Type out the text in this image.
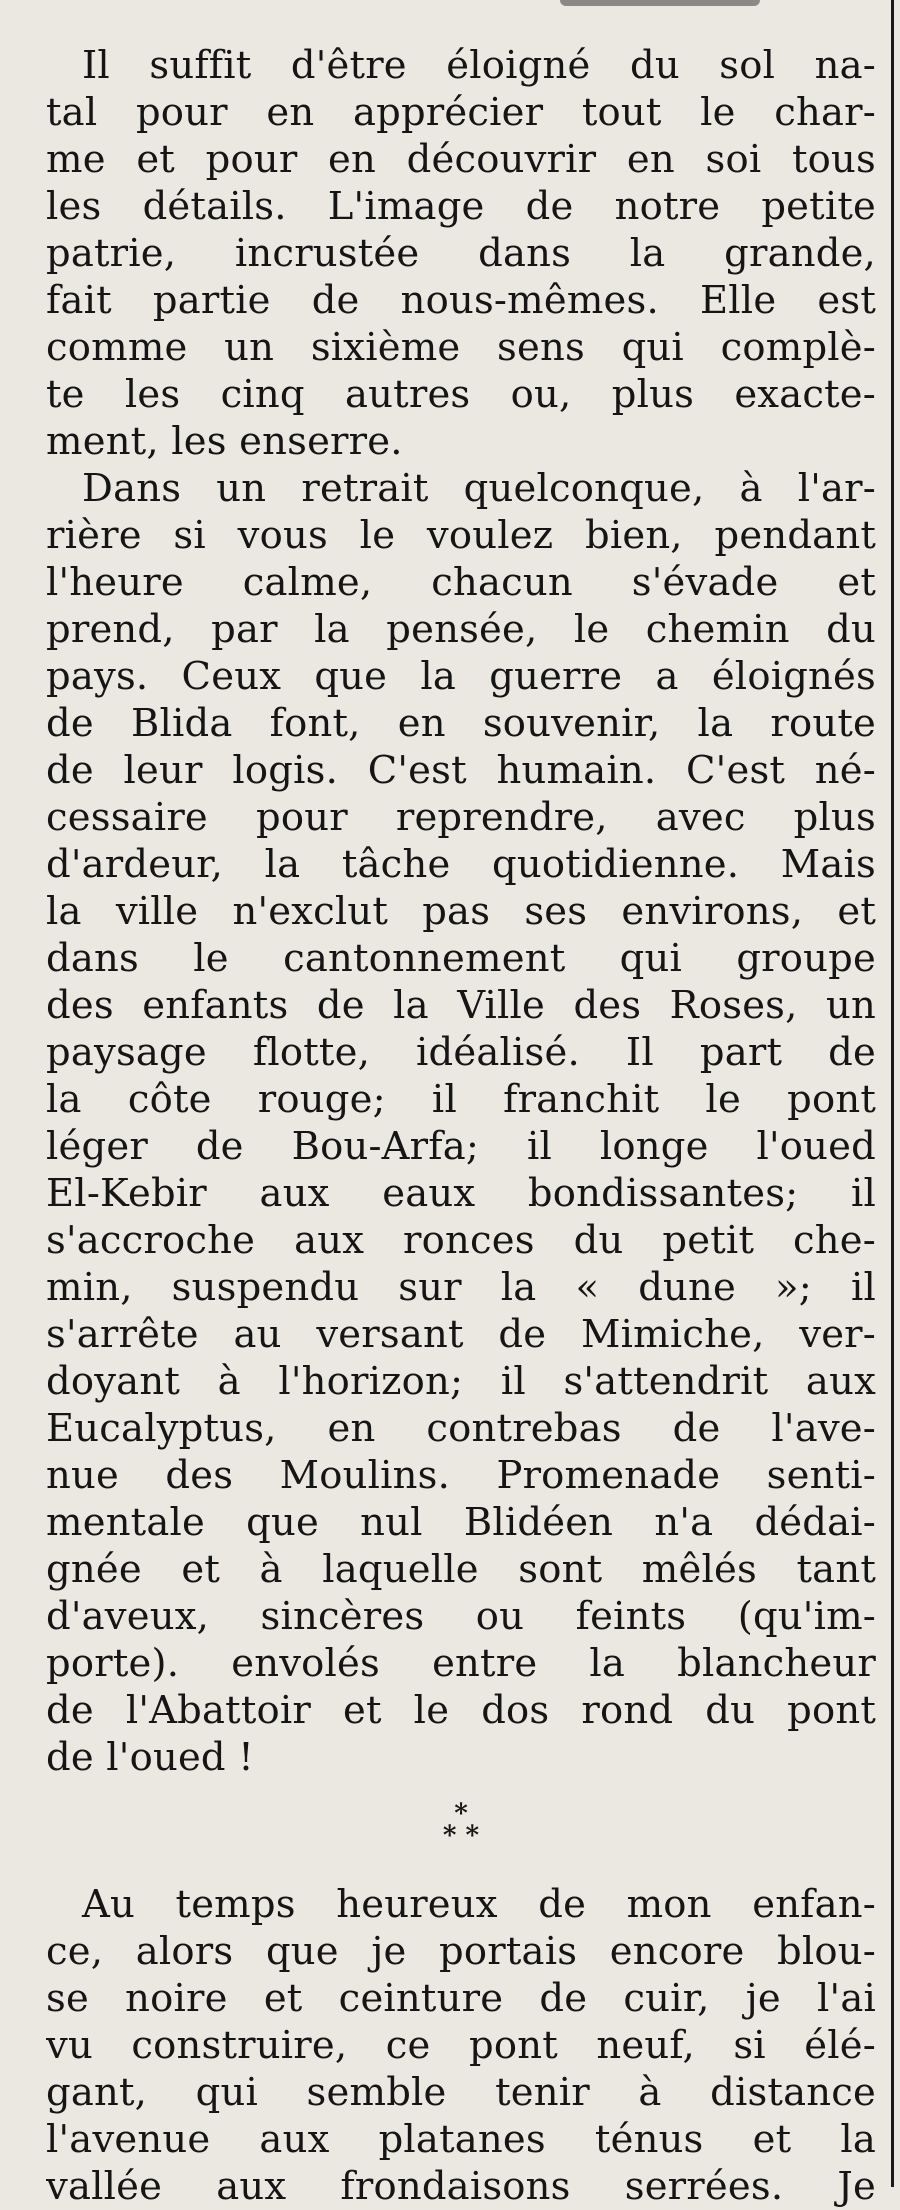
Il suffit d'être éloigné du sol na-
tal pour en apprécier tout le char-
me et pour en découvrir en soi tous
les détails. L'image de notre petite
patrie, incrustée dans la grande,
fait partie de nous-mêmes. Elle est
comme un sixième sens qui complè-
te les cinq autres ou, plus exacte-
ment, les enserre.
Dans un retrait quelconque, à l'ar-
rière si vous le voulez bien, pendant
l'heure calme, chacun s'évade et
prend, par la pensée, le chemin du
pays. Ceux que la guerre a éloignés
de Blida font, en souvenir, la route
de leur logis. C'est humain. C'est né-
cessaire pour reprendre, avec plus
d'ardeur, la tâche quotidienne. Mais
la ville n'exclut pas ses environs, et
dans le cantonnement qui groupe
des enfants de la Ville des Roses, un
paysage flotte, idéalisé. Il part de
la côte rouge; il franchit le pont
léger de Bou-Arfa; il longe l'oued
El-Kebir aux eaux bondissantes; il
s'accroche aux ronces du petit che-
min, suspendu sur la « dune »; il
s'arrête au versant de Mimiche, ver-
doyant à l'horizon; il s'attendrit aux
Eucalyptus, en contrebas de l'ave-
nue des Moulins. Promenade senti-
mentale que nul Blidéen n'a dédai-
gnée et à laquelle sont mêlés tant
d'aveux, sincères ou feints (qu'im-
porte). envolés entre la blancheur
de l'Abattoir et le dos rond du pont
de l'oued !
*
* *
Au temps heureux de mon enfan-
ce, alors que je portais encore blou-
se noire et ceinture de cuir, je l'ai
vu construire, ce pont neuf, si élé-
gant, qui semble tenir à distance
l'avenue aux platanes ténus et la
vallée aux frondaisons serrées. Je
